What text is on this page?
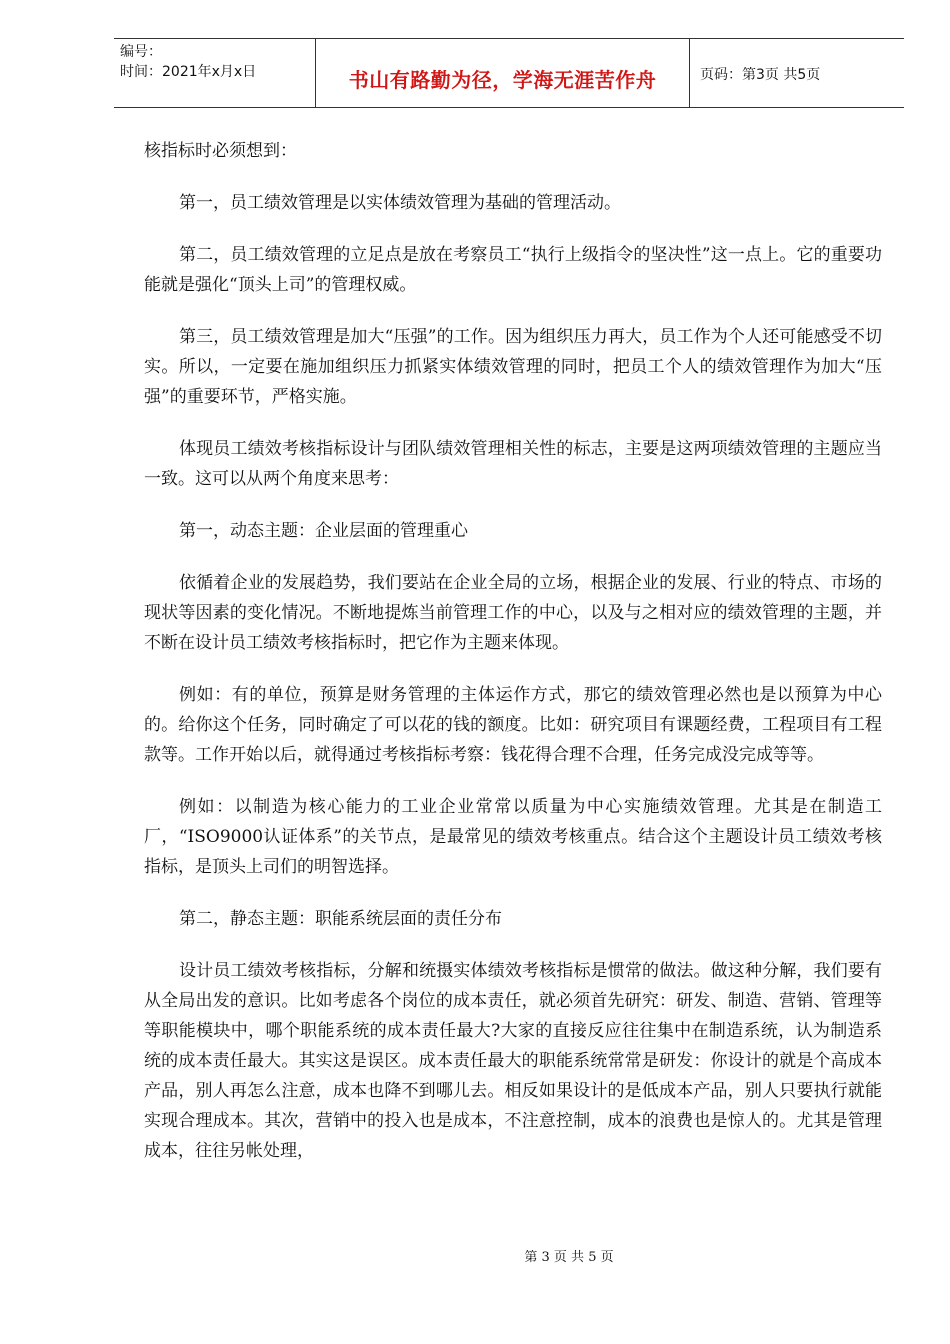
编号：
时间：2021年x月x日	书山有路勤为径，学海无涯苦作舟	页码：第3页 共5页

核指标时必须想到：

第一，员工绩效管理是以实体绩效管理为基础的管理活动。

第二，员工绩效管理的立足点是放在考察员工“执行上级指令的坚决性”这一点上。它的重要功能就是强化“顶头上司”的管理权威。

第三，员工绩效管理是加大“压强”的工作。因为组织压力再大，员工作为个人还可能感受不切实。所以，一定要在施加组织压力抓紧实体绩效管理的同时，把员工个人的绩效管理作为加大“压强”的重要环节，严格实施。

体现员工绩效考核指标设计与团队绩效管理相关性的标志，主要是这两项绩效管理的主题应当一致。这可以从两个角度来思考：

第一，动态主题：企业层面的管理重心

依循着企业的发展趋势，我们要站在企业全局的立场，根据企业的发展、行业的特点、市场的现状等因素的变化情况。不断地提炼当前管理工作的中心，以及与之相对应的绩效管理的主题，并不断在设计员工绩效考核指标时，把它作为主题来体现。

例如：有的单位，预算是财务管理的主体运作方式，那它的绩效管理必然也是以预算为中心的。给你这个任务，同时确定了可以花的钱的额度。比如：研究项目有课题经费，工程项目有工程款等。工作开始以后，就得通过考核指标考察：钱花得合理不合理，任务完成没完成等等。

例如：以制造为核心能力的工业企业常常以质量为中心实施绩效管理。尤其是在制造工厂，“ISO9000认证体系”的关节点，是最常见的绩效考核重点。结合这个主题设计员工绩效考核指标，是顶头上司们的明智选择。

第二，静态主题：职能系统层面的责任分布

设计员工绩效考核指标，分解和统摄实体绩效考核指标是惯常的做法。做这种分解，我们要有从全局出发的意识。比如考虑各个岗位的成本责任，就必须首先研究：研发、制造、营销、管理等等职能模块中，哪个职能系统的成本责任最大?大家的直接反应往往集中在制造系统，认为制造系统的成本责任最大。其实这是误区。成本责任最大的职能系统常常是研发：你设计的就是个高成本产品，别人再怎么注意，成本也降不到哪儿去。相反如果设计的是低成本产品，别人只要执行就能实现合理成本。其次，营销中的投入也是成本，不注意控制，成本的浪费也是惊人的。尤其是管理成本，往往另帐处理，

第 3 页 共 5 页
